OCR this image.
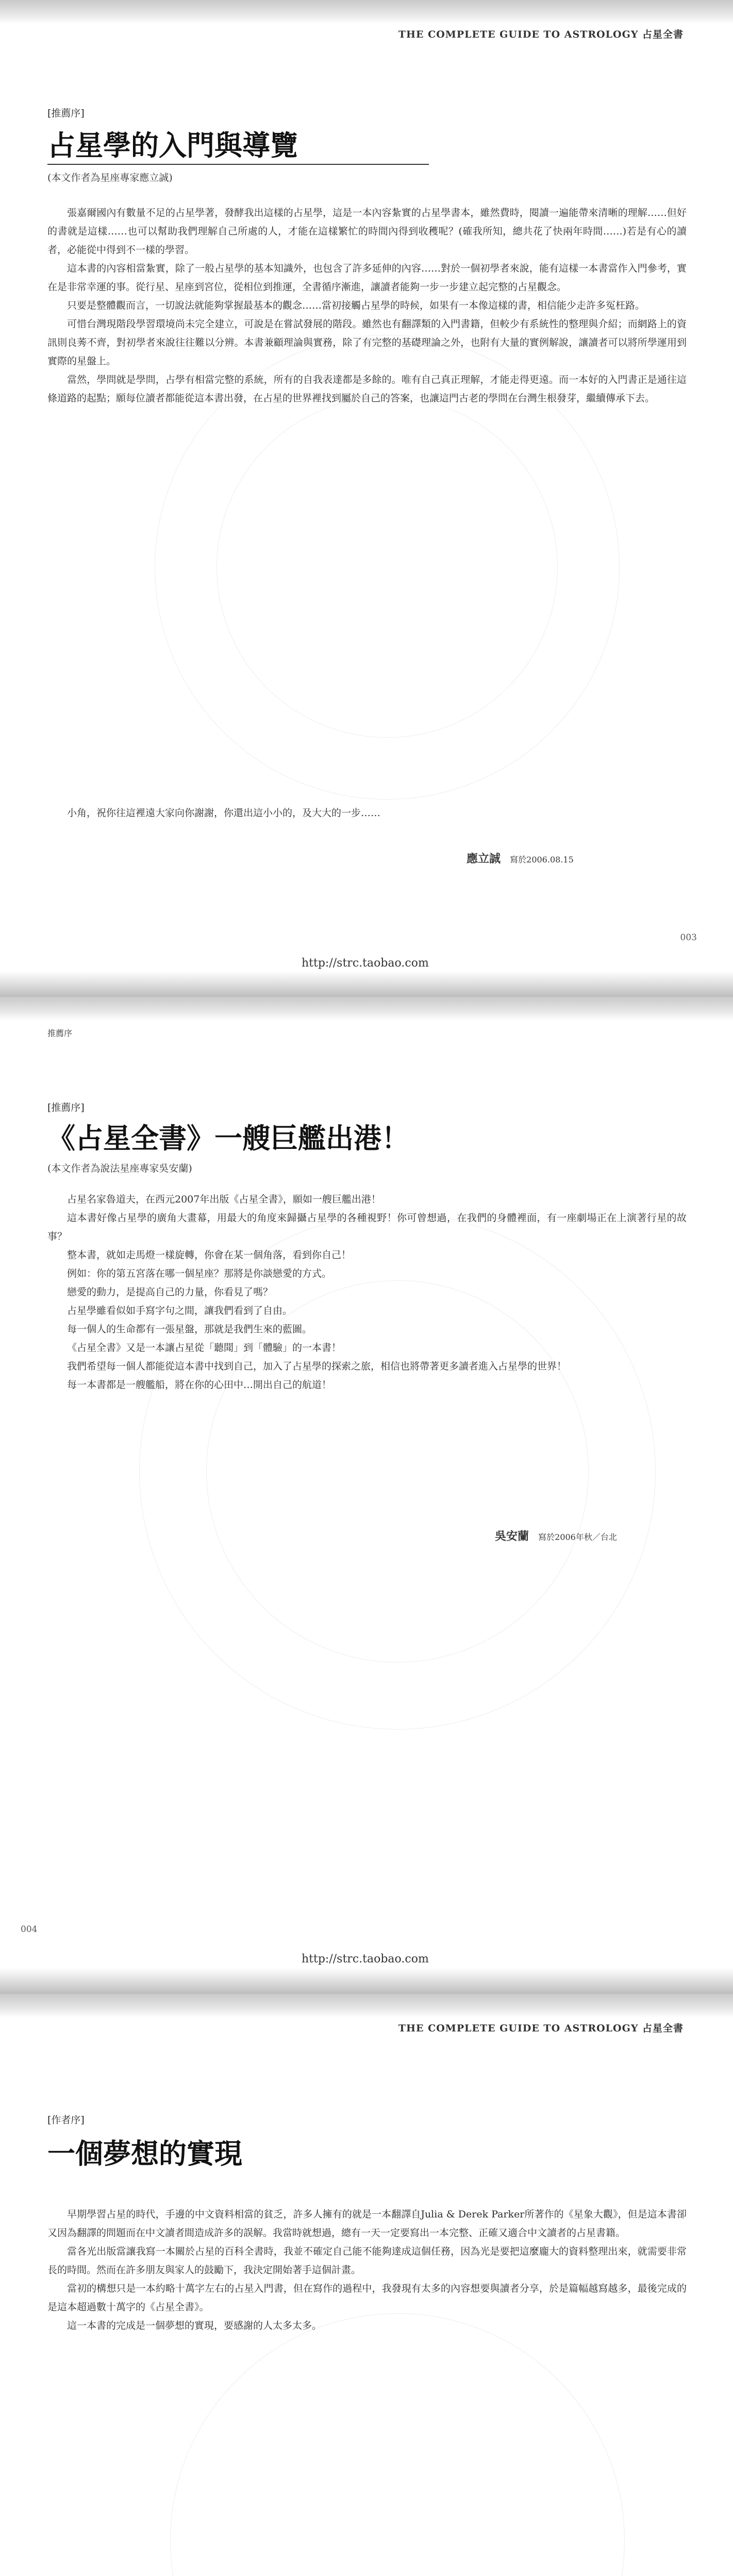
THE COMPLETE GUIDE TO ASTROLOGY 占星全書
[推薦序]
占星學的入門與導覽
(本文作者為星座專家應立誠)

張嘉爾國內有數量不足的占星學著，發酵我出這樣的占星學，這是一本內容紮實的占星學書本，雖然費時，閱讀一遍能帶來清晰的理解……但好的書就是這樣……也可以幫助我們理解自己所處的人，才能在這樣繁忙的時間內得到收穫呢？(確我所知，總共花了快兩年時間……)若是有心的讀者，必能從中得到不一樣的學習。

這本書的內容相當紮實，除了一般占星學的基本知識外，也包含了許多延伸的內容……對於一個初學者來說，能有這樣一本書當作入門參考，實在是非常幸運的事。從行星、星座到宮位，從相位到推運，全書循序漸進，讓讀者能夠一步一步建立起完整的占星觀念。

只要是整體觀而言，一切說法就能夠掌握最基本的觀念……當初接觸占星學的時候，如果有一本像這樣的書，相信能少走許多冤枉路。

可惜台灣現階段學習環境尚未完全建立，可說是在嘗試發展的階段。雖然也有翻譯類的入門書籍，但較少有系統性的整理與介紹；而網路上的資訊則良莠不齊，對初學者來說往往難以分辨。本書兼顧理論與實務，除了有完整的基礎理論之外，也附有大量的實例解說，讓讀者可以將所學運用到實際的星盤上。

當然，學問就是學問，占學有相當完整的系統，所有的自我表達都是多餘的。唯有自己真正理解，才能走得更遠。而一本好的入門書正是通往這條道路的起點；願每位讀者都能從這本書出發，在占星的世界裡找到屬於自己的答案，也讓這門古老的學問在台灣生根發芽，繼續傳承下去。

小角，祝你往這裡遠大家向你謝謝，你還出這小小的，及大大的一步……
應立誠 寫於2006.08.15
003
http://strc.taobao.com
推薦序
[推薦序]
《占星全書》一艘巨艦出港！
(本文作者為說法星座專家吳安蘭)

占星名家魯道夫，在西元2007年出版《占星全書》，願如一艘巨艦出港！

這本書好像占星學的廣角大畫幕，用最大的角度來歸攝占星學的各種視野！你可曾想過，在我們的身體裡面，有一座劇場正在上演著行星的故事？

整本書，就如走馬燈一樣旋轉，你會在某一個角落，看到你自己！

例如：你的第五宮落在哪一個星座？那將是你談戀愛的方式。

戀愛的動力，是提高自己的力量，你看見了嗎？

占星學雖看似如手寫字句之間，讓我們看到了自由。

每一個人的生命都有一張星盤，那就是我們生來的藍圖。

《占星全書》又是一本讓占星從「聽聞」到「體驗」的一本書！

我們希望每一個人都能從這本書中找到自己，加入了占星學的探索之旅，相信也將帶著更多讀者進入占星學的世界！

每一本書都是一艘艦船，將在你的心田中…開出自己的航道！

吳安蘭 寫於2006年秋／台北
004
http://strc.taobao.com
THE COMPLETE GUIDE TO ASTROLOGY 占星全書
[作者序]
一個夢想的實現

早期學習占星的時代，手邊的中文資料相當的貧乏，許多人擁有的就是一本翻譯自Julia & Derek Parker所著作的《星象大觀》，但是這本書卻又因為翻譯的問題而在中文讀者間造成許多的誤解。我當時就想過，總有一天一定要寫出一本完整、正確又適合中文讀者的占星書籍。

當各光出版當讓我寫一本關於占星的百科全書時，我並不確定自己能不能夠達成這個任務，因為光是要把這麼龐大的資料整理出來，就需要非常長的時間。然而在許多朋友與家人的鼓勵下，我決定開始著手這個計畫。

當初的構想只是一本約略十萬字左右的占星入門書，但在寫作的過程中，我發現有太多的內容想要與讀者分享，於是篇幅越寫越多，最後完成的是這本超過數十萬字的《占星全書》。

這一本書的完成是一個夢想的實現，要感謝的人太多太多。
